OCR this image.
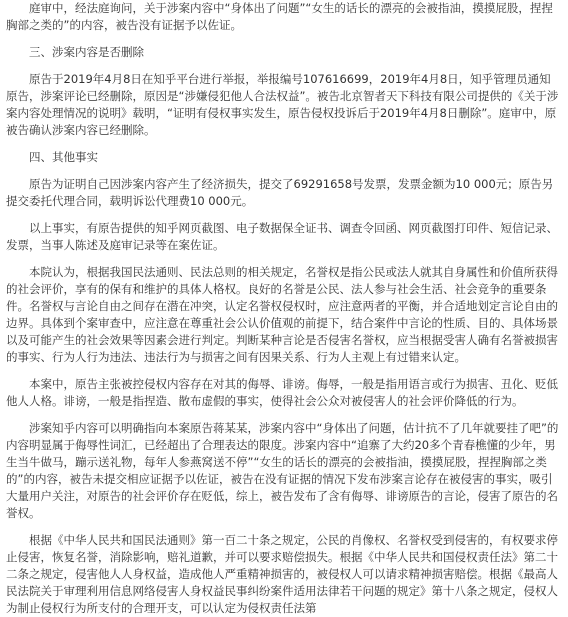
庭审中，经法庭询问，关于涉案内容中“身体出了问题”“女生的话长的漂亮的会被指油，摸摸屁股，捏捏胸部之类的”的内容，被告没有证据予以佐证。

三、涉案内容是否删除

原告于2019年4月8日在知乎平台进行举报，举报编号107616699，2019年4月8日，知乎管理员通知原告，涉案评论已经删除，原因是“涉嫌侵犯他人合法权益”。被告北京智者天下科技有限公司提供的《关于涉案内容处理情况的说明》载明，“证明有侵权事实发生，原告侵权投诉后于2019年4月8日删除”。庭审中，原被告确认涉案内容已经删除。

四、其他事实

原告为证明自己因涉案内容产生了经济损失，提交了69291658号发票，发票金额为10 000元；原告另提交委托代理合同，载明诉讼代理费10 000元。

以上事实，有原告提供的知乎网页截图、电子数据保全证书、调查令回函、网页截图打印件、短信记录、发票，当事人陈述及庭审记录等在案佐证。

本院认为，根据我国民法通则、民法总则的相关规定，名誉权是指公民或法人就其自身属性和价值所获得的社会评价，享有的保有和维护的具体人格权。良好的名誉是公民、法人参与社会生活、社会竞争的重要条件。名誉权与言论自由之间存在潜在冲突，认定名誉权侵权时，应注意两者的平衡，并合适地划定言论自由的边界。具体到个案审查中，应注意在尊重社会公认价值观的前提下，结合案件中言论的性质、目的、具体场景以及可能产生的社会效果等因素会进行判定。判断某种言论是否侵害名誉权，应当根据受害人确有名誉被损害的事实、行为人行为违法、违法行为与损害之间有因果关系、行为人主观上有过错来认定。

本案中，原告主张被控侵权内容存在对其的侮辱、诽谤。侮辱，一般是指用语言或行为损害、丑化、贬低他人人格。诽谤，一般是指捏造、散布虚假的事实，使得社会公众对被侵害人的社会评价降低的行为。

涉案知乎内容可以明确指向本案原告蒋某某，涉案内容中“身体出了问题，估计抗不了几年就要挂了吧”的内容明显属于侮辱性词汇，已经超出了合理表达的限度。涉案内容中“追寨了大约20多个青春樵懂的少年，男生当牛做马，蹦示送礼物，每年人参燕窝送不停”“女生的话长的漂亮的会被指油，摸摸屁股，捏捏胸部之类的”的内容，被告未提交相应证据予以佐证，被告在没有证据的情况下发布涉案言论存在被侵害的事实，吸引大量用户关注，对原告的社会评价存在贬低，综上，被告发布了含有侮辱、诽谤原告的言论，侵害了原告的名誉权。

根据《中华人民共和国民法通则》第一百二十条之规定，公民的肖像权、名誉权受到侵害的，有权要求停止侵害，恢复名誉，消除影响，赔礼道歉，并可以要求赔偿损失。根据《中华人民共和国侵权责任法》第二十二条之规定，侵害他人人身权益，造成他人严重精神损害的，被侵权人可以请求精神损害赔偿。根据《最高人民法院关于审理利用信息网络侵害人身权益民事纠纷案件适用法律若干问题的规定》第十八条之规定，侵权人为制止侵权行为所支付的合理开支，可以认定为侵权责任法第
